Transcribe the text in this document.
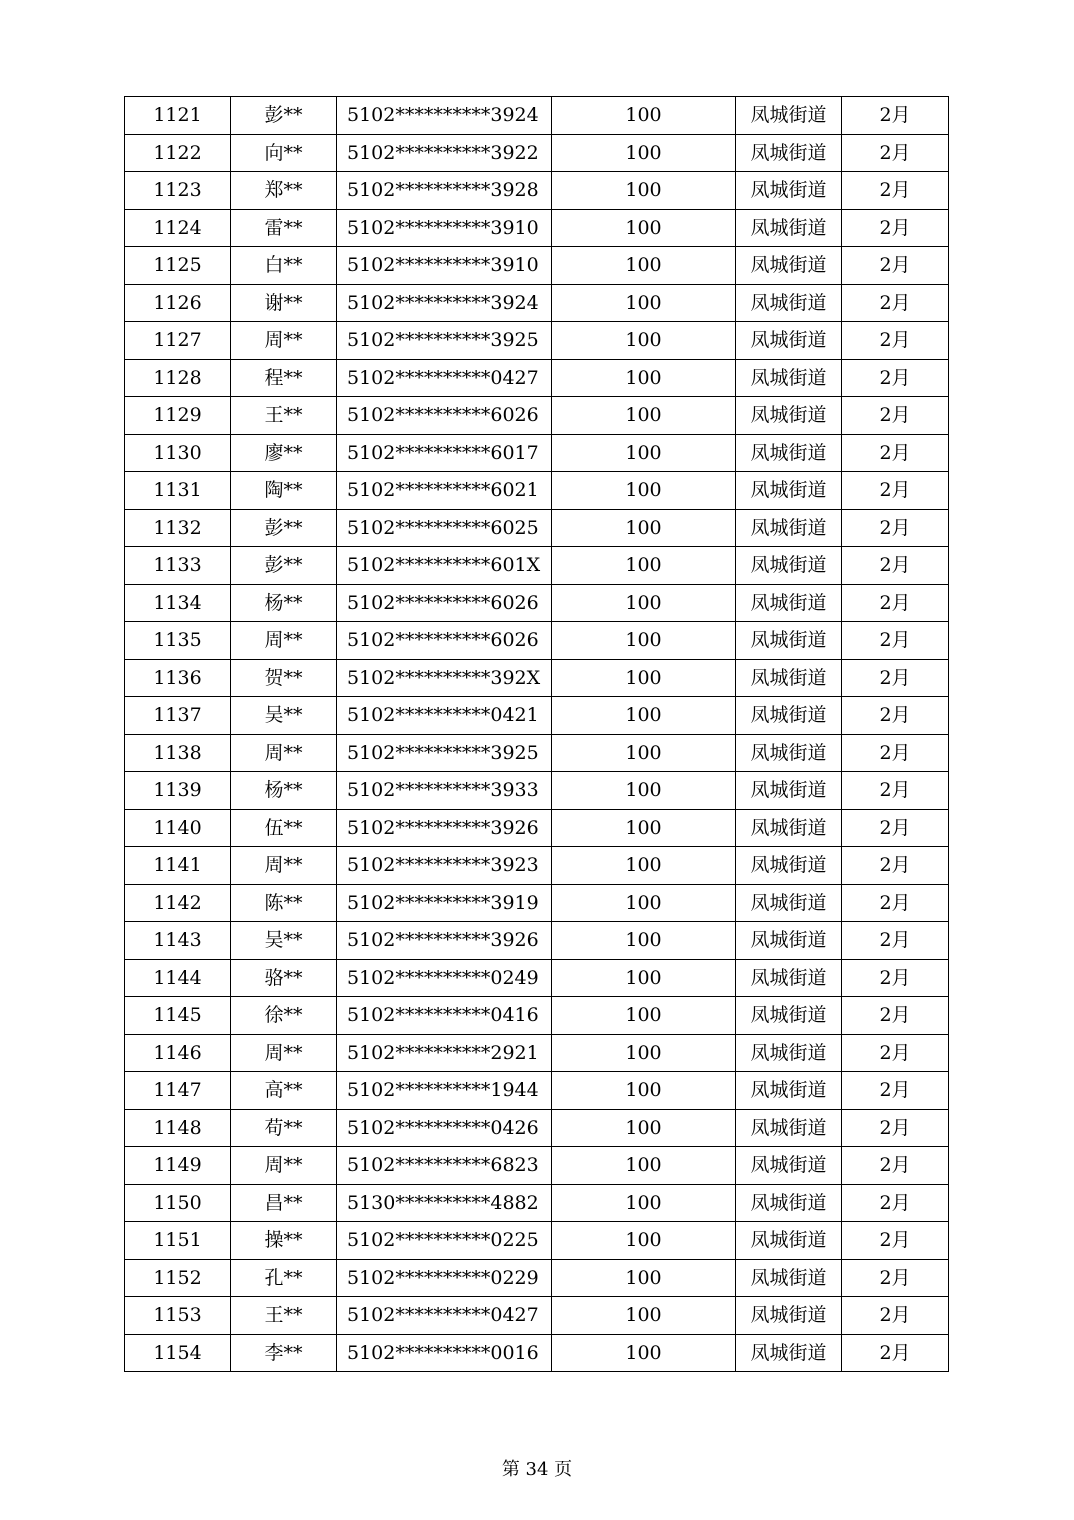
1121	彭**	5102**********3924	100	凤城街道	2月
1122	向**	5102**********3922	100	凤城街道	2月
1123	郑**	5102**********3928	100	凤城街道	2月
1124	雷**	5102**********3910	100	凤城街道	2月
1125	白**	5102**********3910	100	凤城街道	2月
1126	谢**	5102**********3924	100	凤城街道	2月
1127	周**	5102**********3925	100	凤城街道	2月
1128	程**	5102**********0427	100	凤城街道	2月
1129	王**	5102**********6026	100	凤城街道	2月
1130	廖**	5102**********6017	100	凤城街道	2月
1131	陶**	5102**********6021	100	凤城街道	2月
1132	彭**	5102**********6025	100	凤城街道	2月
1133	彭**	5102**********601X	100	凤城街道	2月
1134	杨**	5102**********6026	100	凤城街道	2月
1135	周**	5102**********6026	100	凤城街道	2月
1136	贺**	5102**********392X	100	凤城街道	2月
1137	吴**	5102**********0421	100	凤城街道	2月
1138	周**	5102**********3925	100	凤城街道	2月
1139	杨**	5102**********3933	100	凤城街道	2月
1140	伍**	5102**********3926	100	凤城街道	2月
1141	周**	5102**********3923	100	凤城街道	2月
1142	陈**	5102**********3919	100	凤城街道	2月
1143	吴**	5102**********3926	100	凤城街道	2月
1144	骆**	5102**********0249	100	凤城街道	2月
1145	徐**	5102**********0416	100	凤城街道	2月
1146	周**	5102**********2921	100	凤城街道	2月
1147	高**	5102**********1944	100	凤城街道	2月
1148	苟**	5102**********0426	100	凤城街道	2月
1149	周**	5102**********6823	100	凤城街道	2月
1150	昌**	5130**********4882	100	凤城街道	2月
1151	操**	5102**********0225	100	凤城街道	2月
1152	孔**	5102**********0229	100	凤城街道	2月
1153	王**	5102**********0427	100	凤城街道	2月
1154	李**	5102**********0016	100	凤城街道	2月
第 34 页
